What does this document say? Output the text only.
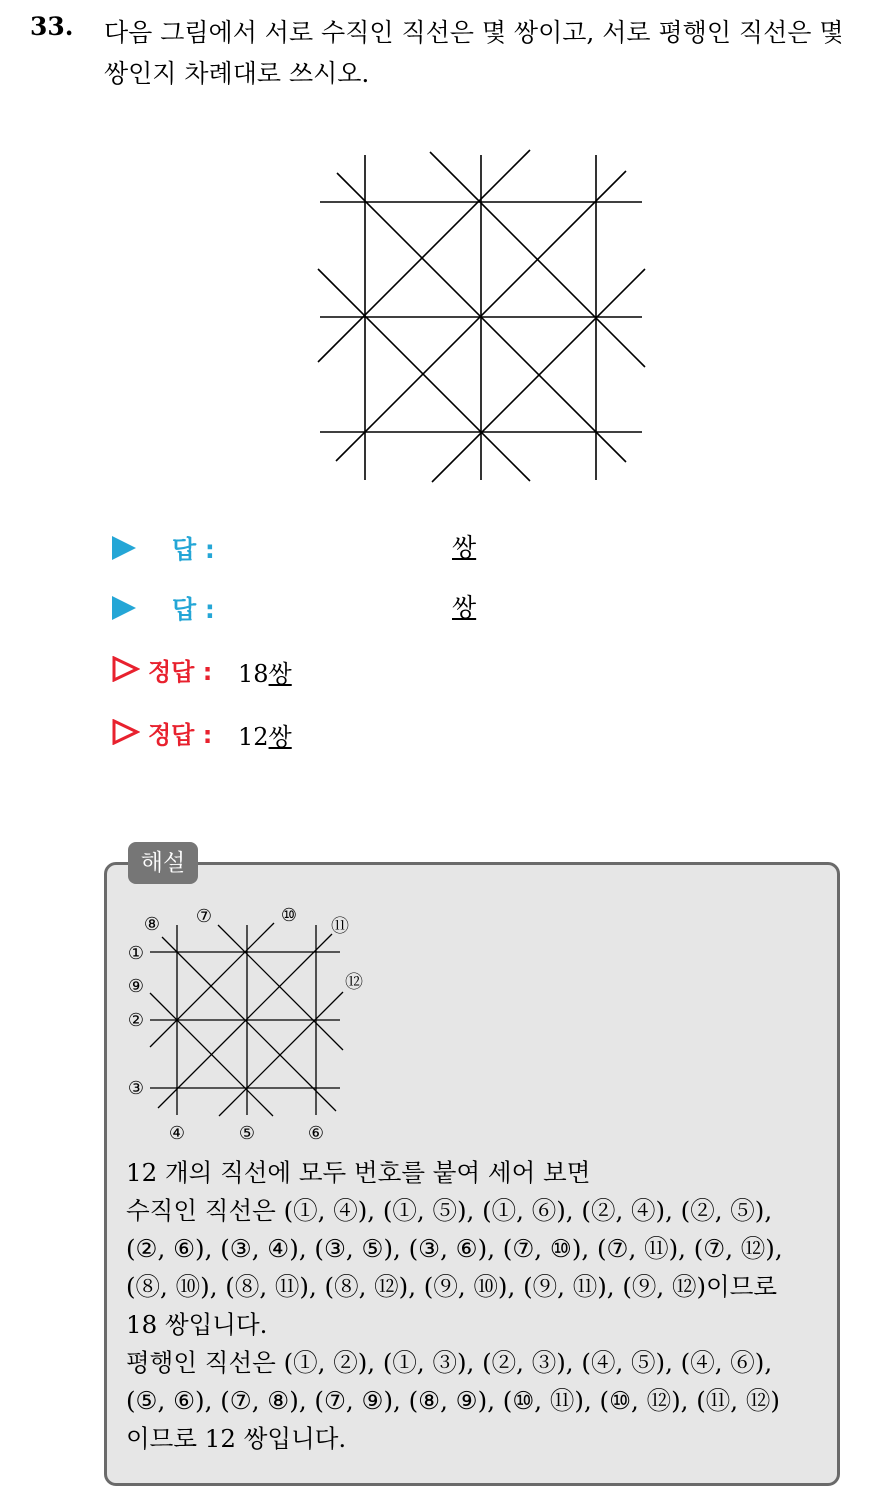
33. 다음 그림에서 서로 수직인 직선은 몇 쌍이고, 서로 평행인 직선은 몇
쌍인지 차례대로 쓰시오.
답 :	쌍
답 :	쌍
정답 : 18쌍
정답 : 12쌍
해설
⑧ ⑦	⑩
⑪
①
⑫
⑨
②
③
④	⑤	⑥
12 개의 직선에 모두 번호를 붙여 세어 보면
수직인 직선은 (①, ④), (①, ⑤), (①, ⑥), (②, ④), (②, ⑤),
(②, ⑥), (③, ④), (③, ⑤), (③, ⑥), (⑦, ⑩), (⑦, ⑪), (⑦, ⑫),
(⑧, ⑩), (⑧, ⑪), (⑧, ⑫), (⑨, ⑩), (⑨, ⑪), (⑨, ⑫)이므로
18 쌍입니다.
평행인 직선은 (①, ②), (①, ③), (②, ③), (④, ⑤), (④, ⑥),
(⑤, ⑥), (⑦, ⑧), (⑦, ⑨), (⑧, ⑨), (⑩, ⑪), (⑩, ⑫), (⑪, ⑫)
이므로 12 쌍입니다.
